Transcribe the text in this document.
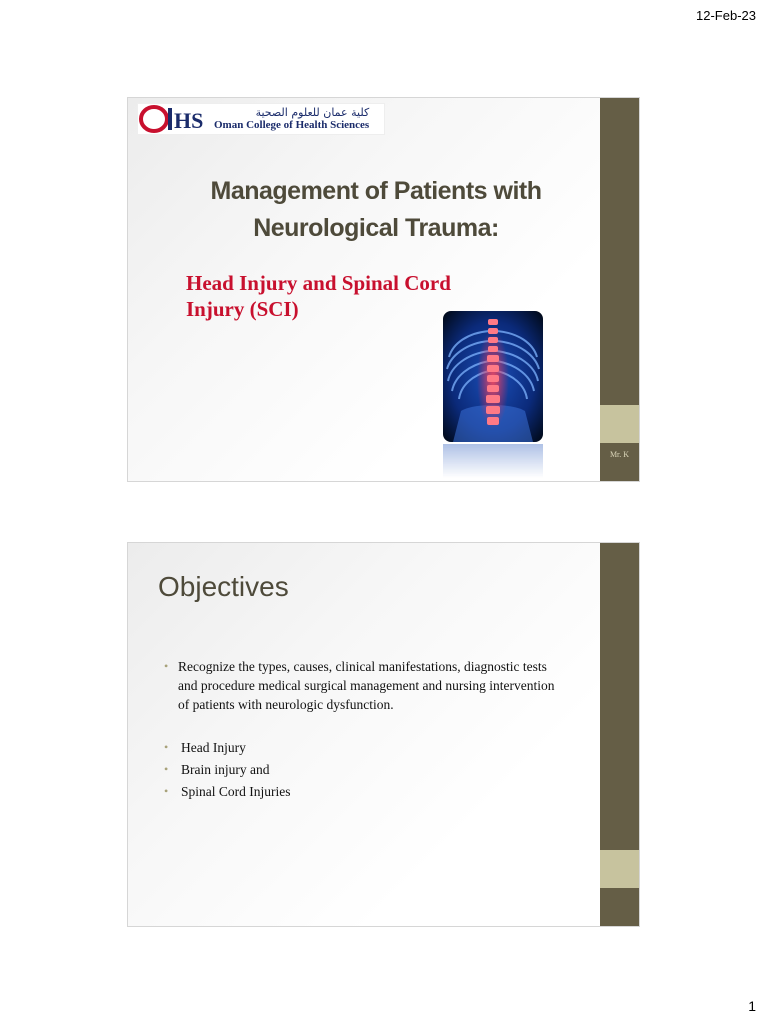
12-Feb-23
Mr. K
HS	كلية عمان للعلوم الصحية
Oman College of Health Sciences
Management of Patients with
Neurological Trauma:
Head Injury and Spinal Cord
Injury (SCI)
Objectives
• Recognize the types, causes, clinical manifestations, diagnostic tests and procedure medical surgical management and nursing intervention of patients with neurologic dysfunction.
• Head Injury
• Brain injury and
• Spinal Cord Injuries
1
